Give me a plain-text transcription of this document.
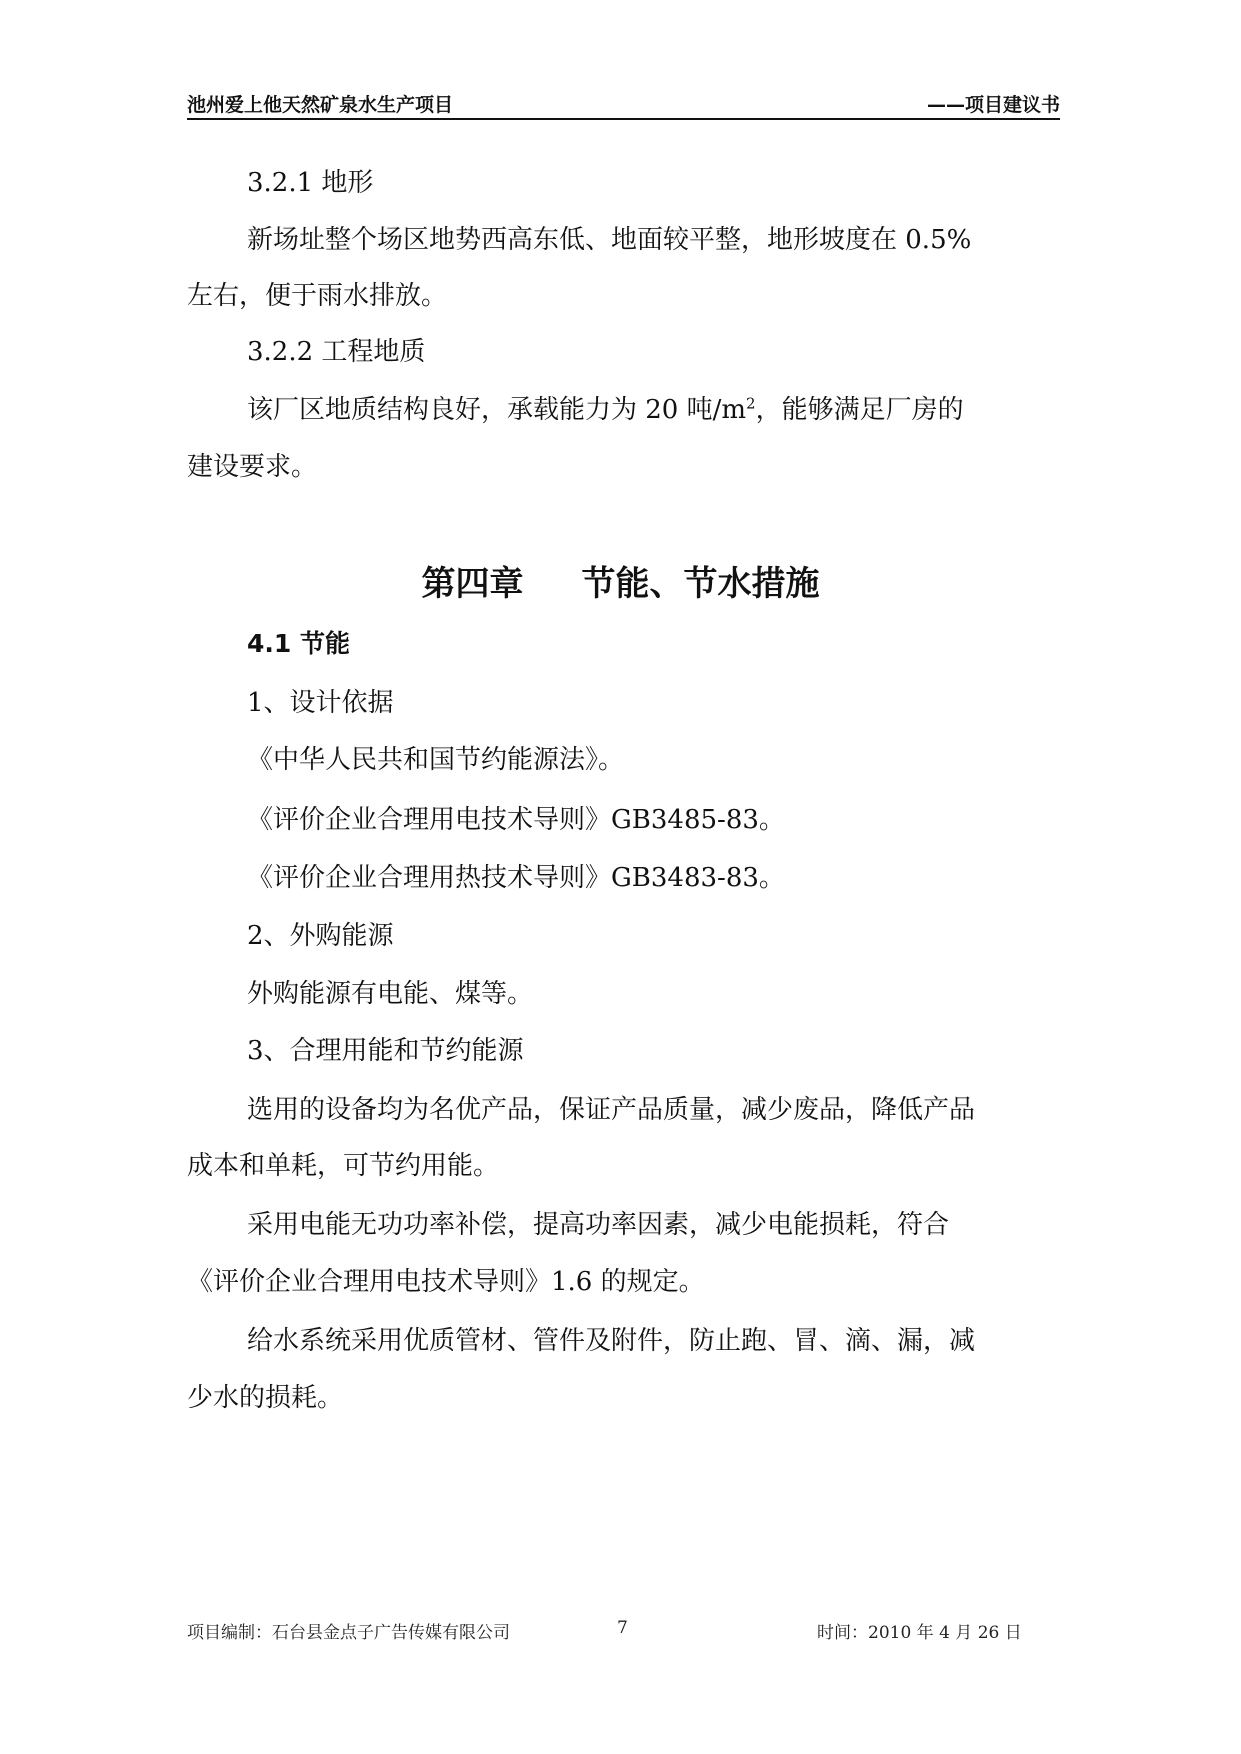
池州爱上他天然矿泉水生产项目	——项目建议书
3.2.1 地形
新场址整个场区地势西高东低、地面较平整，地形坡度在 0.5%
左右，便于雨水排放。
3.2.2 工程地质
该厂区地质结构良好，承载能力为 20 吨$/m^2$，能够满足厂房的
建设要求。
第四章 节能、节水措施
4.1 节能
1、设计依据
《中华人民共和国节约能源法》。
《评价企业合理用电技术导则》GB3485-83。
《评价企业合理用热技术导则》GB3483-83。
2、外购能源
外购能源有电能、煤等。
3、合理用能和节约能源
选用的设备均为名优产品，保证产品质量，减少废品，降低产品
成本和单耗，可节约用能。
采用电能无功功率补偿，提高功率因素，减少电能损耗，符合
《评价企业合理用电技术导则》1.6 的规定。
给水系统采用优质管材、管件及附件，防止跑、冒、滴、漏，减
少水的损耗。
项目编制：石台县金点子广告传媒有限公司	7	时间：2010 年 4 月 26 日
